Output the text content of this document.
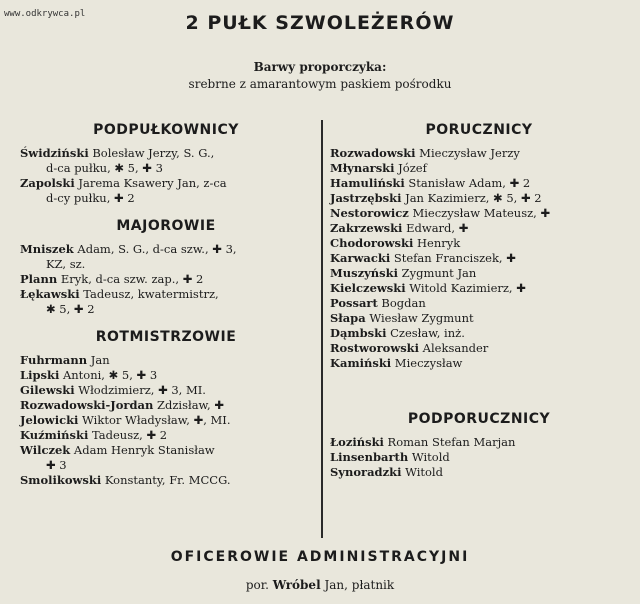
www.odkrywca.pl	2 PUŁK SZWOLEŻERÓW
Barwy proporczyka:
srebrne z amarantowym paskiem pośrodku
PODPUŁKOWNICY
Świdziński Bolesław Jerzy, S. G.,
d-ca pułku, ✱ 5, ✚ 3
Zapolski Jarema Ksawery Jan, z-ca
d-cy pułku, ✚ 2
MAJOROWIE
Mniszek Adam, S. G., d-ca szw., ✚ 3,
KZ, sz.
Plann Eryk, d-ca szw. zap., ✚ 2
Łękawski Tadeusz, kwatermistrz,
✱ 5, ✚ 2
ROTMISTRZOWIE
Fuhrmann Jan
Lipski Antoni, ✱ 5, ✚ 3
Gilewski Włodzimierz, ✚ 3, MI.
Rozwadowski-Jordan Zdzisław, ✚
Jelowicki Wiktor Władysław, ✚, MI.
Kuźmiński Tadeusz, ✚ 2
Wilczek Adam Henryk Stanisław
✚ 3
Smolikowski Konstanty, Fr. MCCG.
PORUCZNICY
Rozwadowski Mieczysław Jerzy
Młynarski Józef
Hamuliński Stanisław Adam, ✚ 2
Jastrzębski Jan Kazimierz, ✱ 5, ✚ 2
Nestorowicz Mieczysław Mateusz, ✚
Zakrzewski Edward, ✚
Chodorowski Henryk
Karwacki Stefan Franciszek, ✚
Muszyński Zygmunt Jan
Kielczewski Witold Kazimierz, ✚
Possart Bogdan
Słapa Wiesław Zygmunt
Dąmbski Czesław, inż.
Rostworowski Aleksander
Kamiński Mieczysław
PODPORUCZNICY
Łoziński Roman Stefan Marjan
Linsenbarth Witold
Synoradzki Witold
OFICEROWIE ADMINISTRACYJNI
por. Wróbel Jan, płatnik
